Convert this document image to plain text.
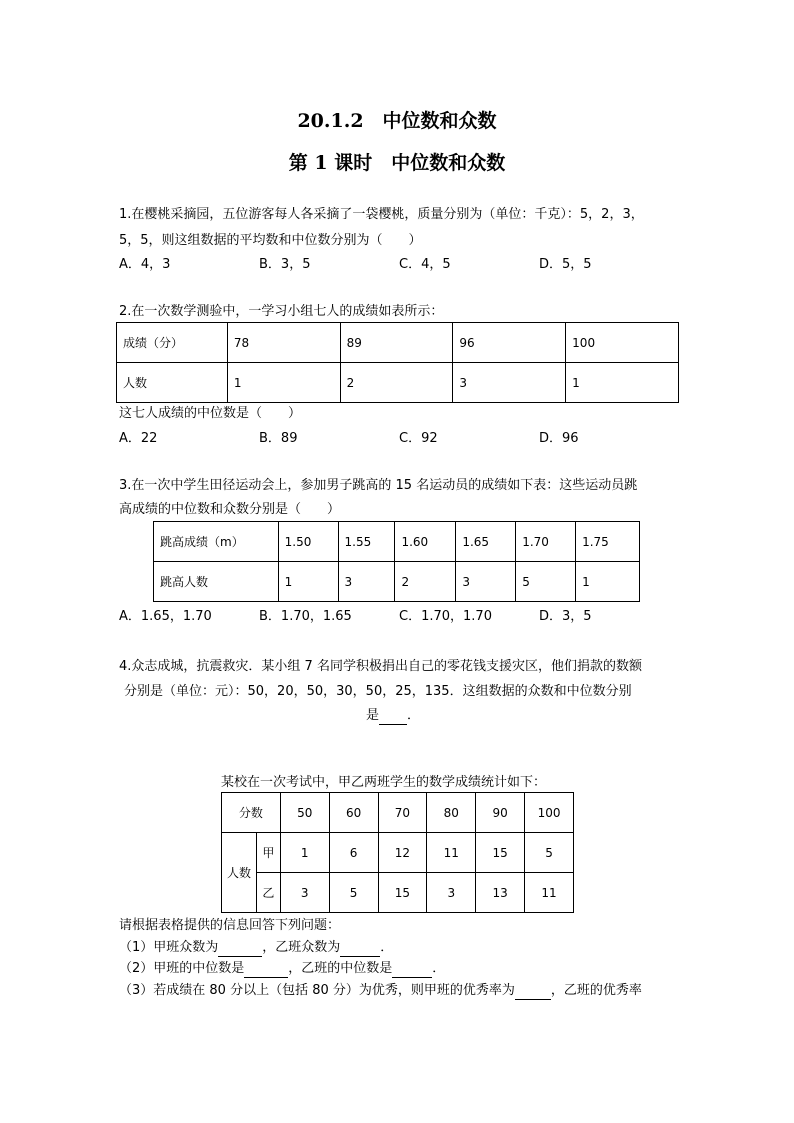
20.1.2　中位数和众数
第 1 课时　中位数和众数
1.在樱桃采摘园，五位游客每人各采摘了一袋樱桃，质量分别为（单位：千克）：5，2，3，
5，5，则这组数据的平均数和中位数分别为（　　）
A．4，3	B．3，5	C．4，5	D．5，5
2.在一次数学测验中，一学习小组七人的成绩如表所示：
成绩（分）	78	89	96	100
人数	1	2	3	1
这七人成绩的中位数是（　　）
A．22	B．89	C．92	D．96
3.在一次中学生田径运动会上，参加男子跳高的 15 名运动员的成绩如下表：这些运动员跳
高成绩的中位数和众数分别是（　　）
跳高成绩（m）	1.50	1.55	1.60	1.65	1.70	1.75
跳高人数	1	3	2	3	5	1
A．1.65，1.70	B．1.70，1.65	C．1.70，1.70	D．3，5
4.众志成城，抗震救灾．某小组 7 名同学积极捐出自己的零花钱支援灾区，他们捐款的数额
分别是（单位：元）：50，20，50，30，50，25，135．这组数据的众数和中位数分别
是 ．
某校在一次考试中，甲乙两班学生的数学成绩统计如下：
分数		50	60	70	80	90	100
人数	甲	1	6	12	11	15	5
	乙	3	5	15	3	13	11
请根据表格提供的信息回答下列问题：
（1）甲班众数为	，乙班众数为	．
（2）甲班的中位数是	，乙班的中位数是	．
（3）若成绩在 80 分以上（包括 80 分）为优秀，则甲班的优秀率为	，乙班的优秀率
